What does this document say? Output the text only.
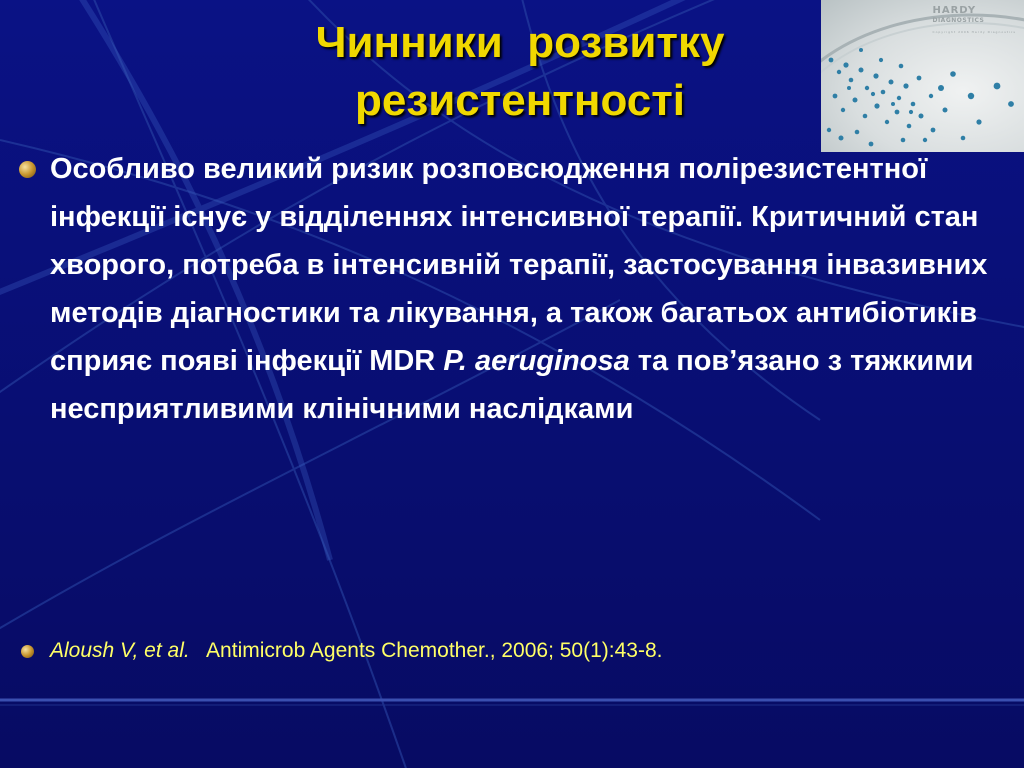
Чинники  розвитку
резистентності
HARDY
DIAGNOSTICS
Copyright 2006 Hardy Diagnostics
Особливо великий ризик розповсюдження полірезистентної інфекції існує у відділеннях інтенсивної терапії. Критичний стан хворого, потреба в інтенсивній терапії, застосування інвазивних методів діагностики та лікування, а також багатьох антибіотиків сприяє появі інфекції MDR P. aeruginosa та пов’язано з тяжкими несприятливими клінічними наслідками
Aloush V, et al.   Antimicrob Agents Chemother., 2006; 50(1):43-8.
